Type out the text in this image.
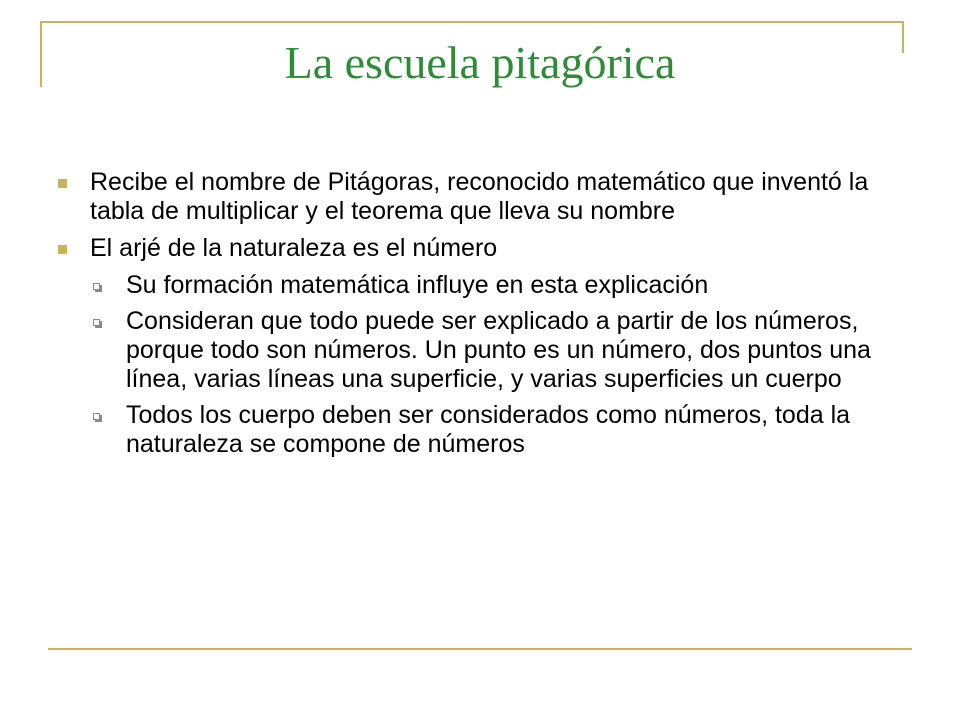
La escuela pitagórica
Recibe el nombre de Pitágoras, reconocido matemático que inventó la tabla de multiplicar y el teorema que lleva su nombre
El arjé de la naturaleza es el número
Su formación matemática influye en esta explicación
Consideran que todo puede ser explicado a partir de los números, porque todo son números. Un punto es un número, dos puntos una línea, varias líneas una superficie, y varias superficies un cuerpo
Todos los cuerpo deben ser considerados como números, toda la naturaleza se compone de números
